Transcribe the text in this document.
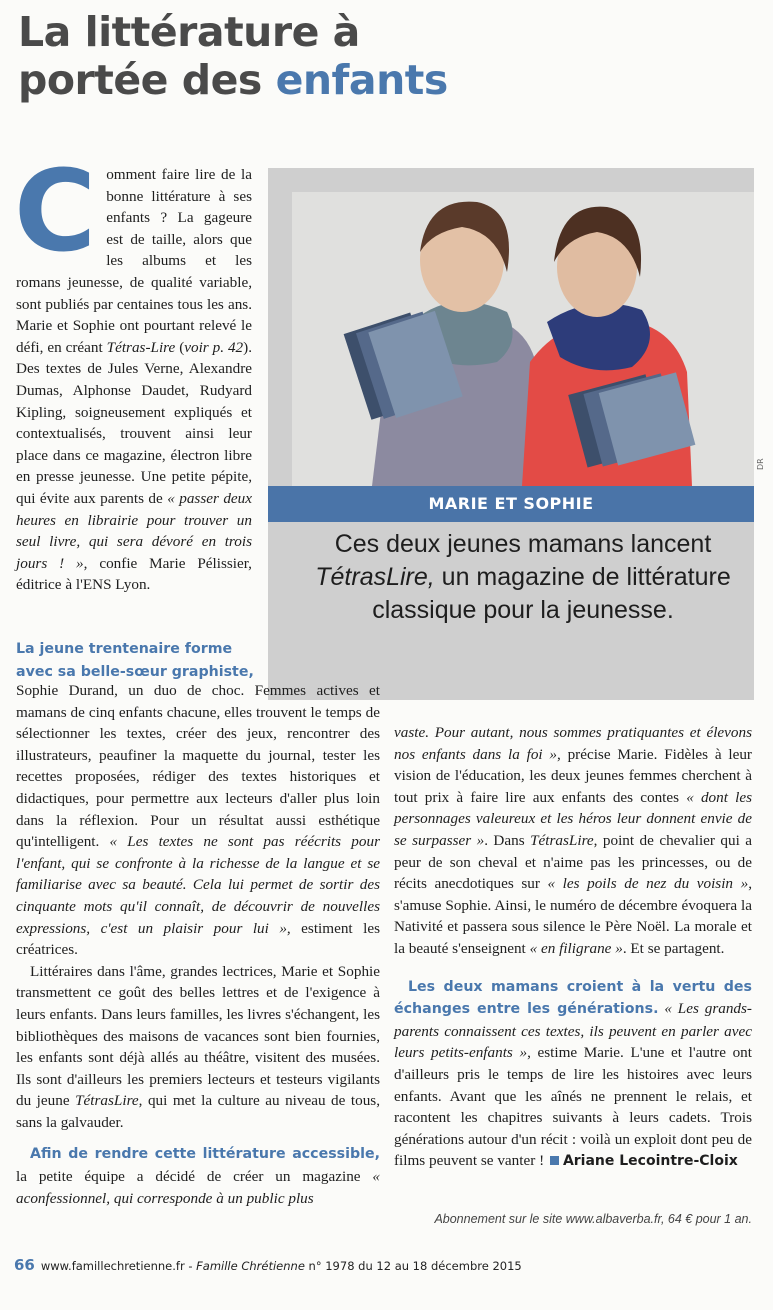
La littérature à
portée des enfants
Comment faire lire de la bonne littérature à ses enfants ? La gageure est de taille, alors que les albums et les romans jeunesse, de qualité variable, sont publiés par centaines tous les ans. Marie et Sophie ont pourtant relevé le défi, en créant Tétras-Lire (voir p. 42). Des textes de Jules Verne, Alexandre Dumas, Alphonse Daudet, Rudyard Kipling, soigneusement expliqués et contextualisés, trouvent ainsi leur place dans ce magazine, électron libre en presse jeunesse. Une petite pépite, qui évite aux parents de « passer deux heures en librairie pour trouver un seul livre, qui sera dévoré en trois jours ! », confie Marie Pélissier, éditrice à l'ENS Lyon.
MARIE ET SOPHIE

Ces deux jeunes mamans lancent TétrasLire, un magazine de littérature classique pour la jeunesse.

DR
La jeune trentenaire forme avec sa belle-sœur graphiste,

Sophie Durand, un duo de choc. Femmes actives et mamans de cinq enfants chacune, elles trouvent le temps de sélectionner les textes, créer des jeux, rencontrer des illustrateurs, peaufiner la maquette du journal, tester les recettes proposées, rédiger des textes historiques et didactiques, pour permettre aux lecteurs d'aller plus loin dans la réflexion. Pour un résultat aussi esthétique qu'intelligent. « Les textes ne sont pas réécrits pour l'enfant, qui se confronte à la richesse de la langue et se familiarise avec sa beauté. Cela lui permet de sortir des cinquante mots qu'il connaît, de découvrir de nouvelles expressions, c'est un plaisir pour lui », estiment les créatrices.

Littéraires dans l'âme, grandes lectrices, Marie et Sophie transmettent ce goût des belles lettres et de l'exigence à leurs enfants. Dans leurs familles, les livres s'échangent, les bibliothèques des maisons de vacances sont bien fournies, les enfants sont déjà allés au théâtre, visitent des musées. Ils sont d'ailleurs les premiers lecteurs et testeurs vigilants du jeune TétrasLire, qui met la culture au niveau de tous, sans la galvauder.

Afin de rendre cette littérature accessible, la petite équipe a décidé de créer un magazine « aconfessionnel, qui corresponde à un public plus

vaste. Pour autant, nous sommes pratiquantes et élevons nos enfants dans la foi », précise Marie. Fidèles à leur vision de l'éducation, les deux jeunes femmes cherchent à tout prix à faire lire aux enfants des contes « dont les personnages valeureux et les héros leur donnent envie de se surpasser ». Dans TétrasLire, point de chevalier qui a peur de son cheval et n'aime pas les princesses, ou de récits anecdotiques sur « les poils de nez du voisin », s'amuse Sophie. Ainsi, le numéro de décembre évoquera la Nativité et passera sous silence le Père Noël. La morale et la beauté s'enseignent « en filigrane ». Et se partagent.

Les deux mamans croient à la vertu des échanges entre les générations. « Les grands-parents connaissent ces textes, ils peuvent en parler avec leurs petits-enfants », estime Marie. L'une et l'autre ont d'ailleurs pris le temps de lire les histoires avec leurs enfants. Avant que les aînés ne prennent le relais, et racontent les chapitres suivants à leurs cadets. Trois générations autour d'un récit : voilà un exploit dont peu de films peuvent se vanter ! Ariane Lecointre-Cloix

Abonnement sur le site www.albaverba.fr, 64 € pour 1 an.

66 www.famillechretienne.fr - Famille Chrétienne n° 1978 du 12 au 18 décembre 2015
